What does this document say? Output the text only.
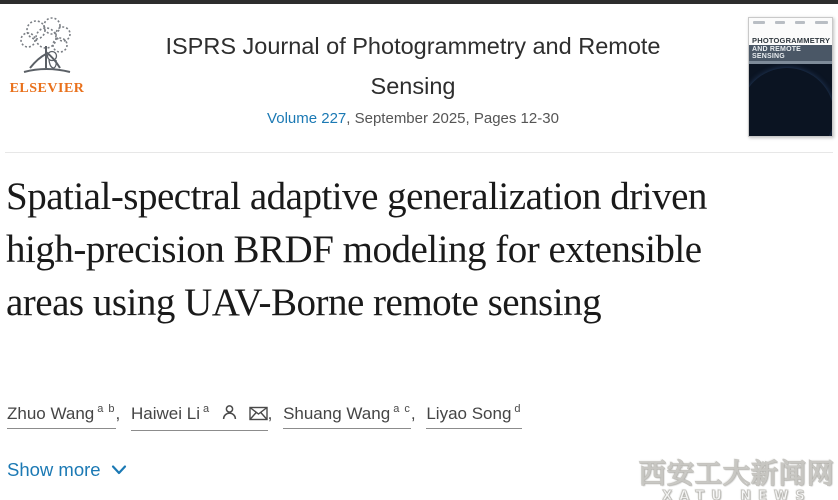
ELSEVIER
ISPRS Journal of Photogrammetry and Remote Sensing
Volume 227, September 2025, Pages 12-30
PHOTOGRAMMETRY
AND REMOTE SENSING
Spatial-spectral adaptive generalization driven high-precision BRDF modeling for extensible areas using UAV-Borne remote sensing
Zhuo Wang $^{a b}$, Haiwei Li $^a$	, Shuang Wang $^{a c}$, Liyao Song $^d$
Show more	西安工大新闻网
XATU NEWS
